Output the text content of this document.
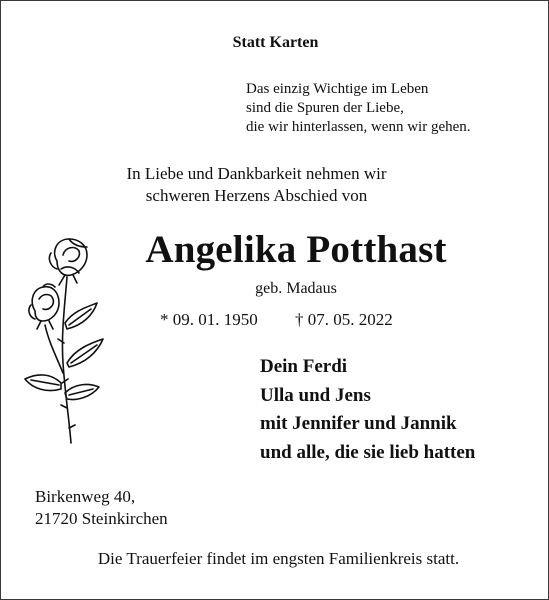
Statt Karten
Das einzig Wichtige im Leben
sind die Spuren der Liebe,
die wir hinterlassen, wenn wir gehen.
In Liebe und Dankbarkeit nehmen wir
schweren Herzens Abschied von
Angelika Potthast
geb. Madaus
* 09. 01. 1950 † 07. 05. 2022
Dein Ferdi
Ulla und Jens
mit Jennifer und Jannik
und alle, die sie lieb hatten
Birkenweg 40,
21720 Steinkirchen
Die Trauerfeier findet im engsten Familienkreis statt.
